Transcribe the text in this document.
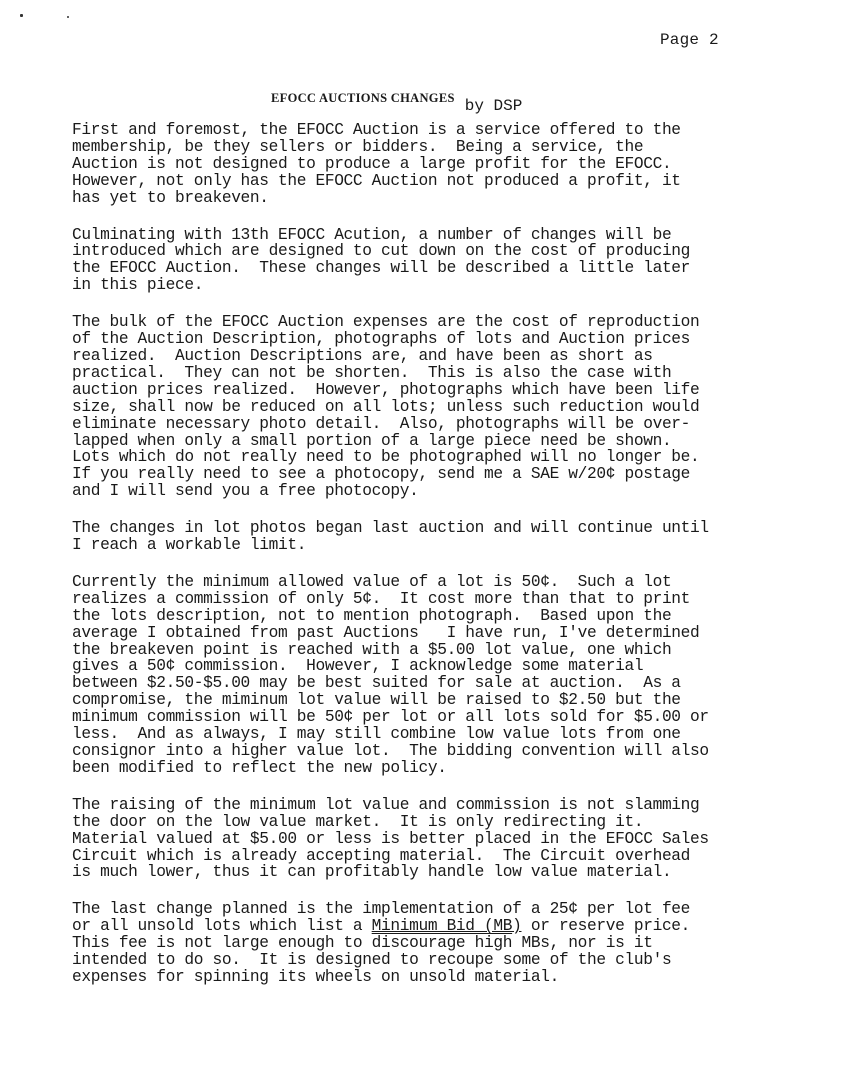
Page 2
EFOCC AUCTIONS CHANGES by DSP
First and foremost, the EFOCC Auction is a service offered to the
membership, be they sellers or bidders.  Being a service, the
Auction is not designed to produce a large profit for the EFOCC.
However, not only has the EFOCC Auction not produced a profit, it
has yet to breakeven.
Culminating with 13th EFOCC Acution, a number of changes will be
introduced which are designed to cut down on the cost of producing
the EFOCC Auction.  These changes will be described a little later
in this piece.
The bulk of the EFOCC Auction expenses are the cost of reproduction
of the Auction Description, photographs of lots and Auction prices
realized.  Auction Descriptions are, and have been as short as
practical.  They can not be shorten.  This is also the case with
auction prices realized.  However, photographs which have been life
size, shall now be reduced on all lots; unless such reduction would
eliminate necessary photo detail.  Also, photographs will be over-
lapped when only a small portion of a large piece need be shown.
Lots which do not really need to be photographed will no longer be.
If you really need to see a photocopy, send me a SAE w/20¢ postage
and I will send you a free photocopy.
The changes in lot photos began last auction and will continue until
I reach a workable limit.
Currently the minimum allowed value of a lot is 50¢.  Such a lot
realizes a commission of only 5¢.  It cost more than that to print
the lots description, not to mention photograph.  Based upon the
average I obtained from past Auctions   I have run, I've determined
the breakeven point is reached with a $5.00 lot value, one which
gives a 50¢ commission.  However, I acknowledge some material
between $2.50-$5.00 may be best suited for sale at auction.  As a
compromise, the miminum lot value will be raised to $2.50 but the
minimum commission will be 50¢ per lot or all lots sold for $5.00 or
less.  And as always, I may still combine low value lots from one
consignor into a higher value lot.  The bidding convention will also
been modified to reflect the new policy.
The raising of the minimum lot value and commission is not slamming
the door on the low value market.  It is only redirecting it.
Material valued at $5.00 or less is better placed in the EFOCC Sales
Circuit which is already accepting material.  The Circuit overhead
is much lower, thus it can profitably handle low value material.
The last change planned is the implementation of a 25¢ per lot fee
or all unsold lots which list a Minimum Bid (MB) or reserve price.
This fee is not large enough to discourage high MBs, nor is it
intended to do so.  It is designed to recoupe some of the club's
expenses for spinning its wheels on unsold material.
